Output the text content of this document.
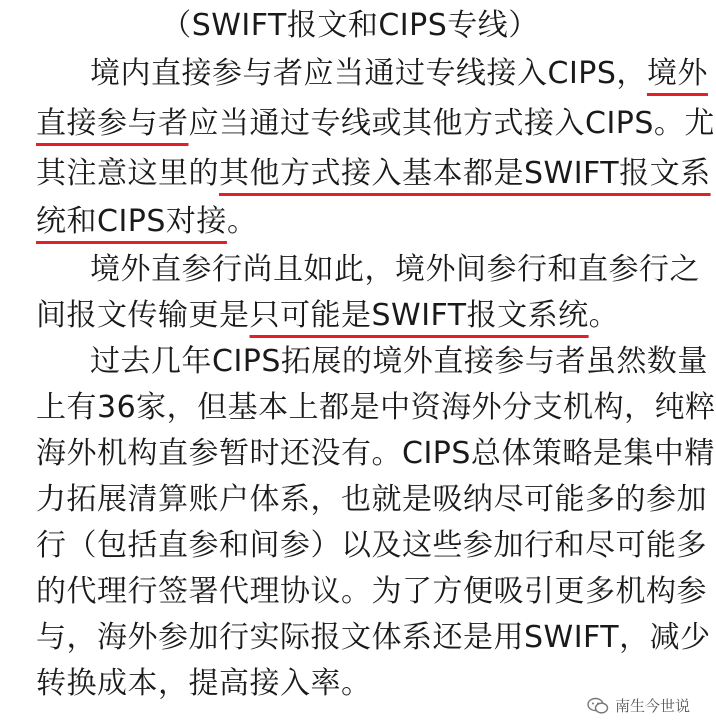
（SWIFT报文和CIPS专线）
境内直接参与者应当通过专线接入CIPS，境外
直接参与者应当通过专线或其他方式接入CIPS。尤
其注意这里的其他方式接入基本都是SWIFT报文系
统和CIPS对接。
境外直参行尚且如此，境外间参行和直参行之
间报文传输更是只可能是SWIFT报文系统。
过去几年CIPS拓展的境外直接参与者虽然数量
上有36家，但基本上都是中资海外分支机构，纯粹
海外机构直参暂时还没有。CIPS总体策略是集中精
力拓展清算账户体系，也就是吸纳尽可能多的参加
行（包括直参和间参）以及这些参加行和尽可能多
的代理行签署代理协议。为了方便吸引更多机构参
与，海外参加行实际报文体系还是用SWIFT，减少
转换成本，提高接入率。
南生今世说
